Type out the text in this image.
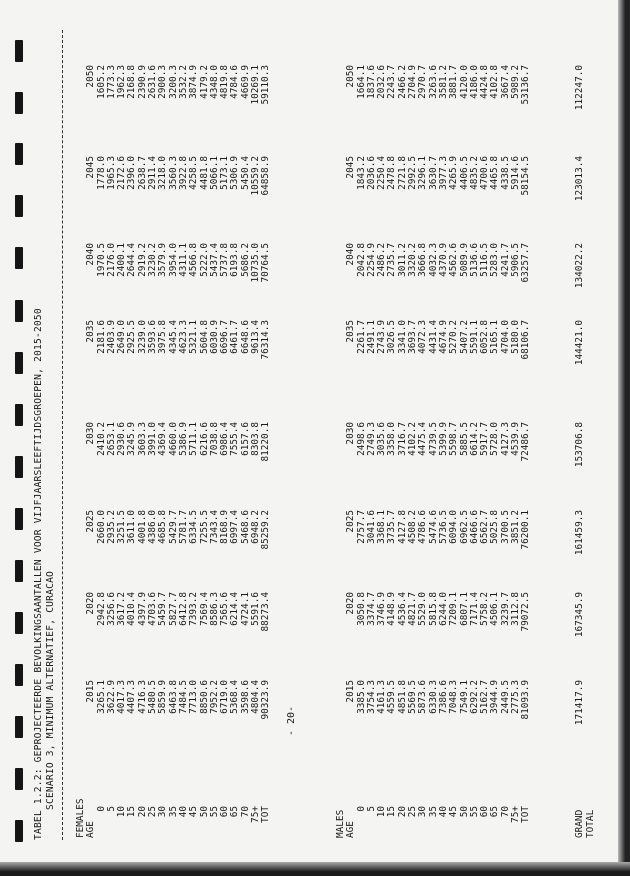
TABEL 1.2.2: GEPROJECTEERDE BEVOLKINGSAANTALLEN VOOR VIJFJAARSLEEFTIJDSGROEPEN, 2015-2050 SCENARIO 3, MINIMUM ALTERNATIEF, CURACAO
FEMALES AGE
2015
2020
2025
2030
2035
2040
2045
2050
0
3265.1
2942.8
2660.0
2410.2
2181.6
1970.5
1778.0
1605.2
5
3622.9
3256.6
2935.2
2653.1
2403.9
2176.0
1965.3
1773.3
10
4017.3
3617.2
3251.5
2930.6
2649.0
2400.1
2172.6
1962.3
15
4407.3
4010.4
3611.0
3245.9
2925.5
2644.4
2396.0
2168.8
20
4716.3
4397.9
4001.8
3603.3
3239.0
2919.2
2638.7
2390.9
25
5480.5
4703.6
4386.0
3991.0
3593.6
3230.2
2911.4
2631.6
30
5859.9
5459.7
4685.8
4369.4
3975.8
3579.9
3218.0
2900.3
35
6463.8
5827.7
5429.7
4660.0
4345.4
3954.0
3560.3
3200.3
40
7484.5
6412.8
5781.7
5386.9
4623.3
4311.1
3922.8
3532.2
45
7713.0
7393.2
6334.5
5711.1
5321.1
4566.8
4258.5
3874.9
50
8850.6
7569.4
7255.5
6216.6
5604.8
5222.0
4481.8
4179.2
55
7952.2
8586.3
7343.4
7038.8
6030.9
5437.4
5066.1
4348.0
60
6719.0
7565.6
8168.9
6986.4
6696.7
5737.8
5173.1
4819.8
65
5368.4
6214.4
6997.4
7555.4
6461.7
6193.8
5306.9
4784.6
70
3598.6
4724.1
5468.6
6157.6
6648.6
5686.2
5450.4
4669.9
75+
4804.4
5591.6
6948.2
8303.8
9613.4
10735.0
10559.2
10269.1
TOT
90323.9
88273.4
85259.2
81220.1
76314.3
70764.5
64858.9
59110.3
MALES AGE
2015
2020
2025
2030
2035
2040
2045
2050
0
3385.0
3050.8
2757.7
2498.6
2261.7
2042.8
1843.2
1664.1
5
3754.3
3374.7
3041.6
2749.3
2491.1
2254.9
2036.6
1837.6
10
4161.3
3746.9
3368.1
3035.6
2743.9
2486.2
2250.4
2032.6
15
4559.5
4148.9
3735.7
3358.0
3026.5
2735.7
2478.8
2243.7
20
4851.8
4536.4
4127.8
3716.7
3341.0
3011.2
2721.8
2466.2
25
5569.5
4821.7
4508.2
4102.2
3693.7
3320.2
2992.5
2704.9
30
5873.6
5529.0
4786.6
4475.4
4072.3
3666.8
3296.1
2970.7
35
6330.3
5815.8
5474.6
4739.5
4431.4
4032.3
3630.7
3263.6
40
7386.6
6244.0
5736.5
5399.9
4674.9
4370.9
3977.3
3581.2
45
7048.3
7209.1
6094.0
5598.7
5270.2
4562.6
4265.9
3881.7
50
7549.1
6807.1
6962.5
5885.5
5407.2
5089.9
4406.5
4120.0
55
6292.2
7171.4
6466.6
6614.2
5591.1
5136.6
4835.2
4186.0
60
5162.7
5758.2
6562.7
5917.7
6052.8
5116.5
4700.6
4424.8
65
3944.9
4506.1
5025.8
5728.0
5165.1
5283.0
4465.8
4102.8
70
2449.5
3239.7
3700.5
4127.3
4704.0
4241.7
4338.5
3667.4
75+
2775.3
3112.8
3851.2
4539.9
5180.0
5906.5
5914.6
5989.2
TOT
81093.9
79072.5
76200.1
72486.7
68106.7
63257.7
58154.5
53136.7
GRAND TOTAL
171417.9
167345.9
161459.3
153706.8
144421.0
134022.2
123013.4
112247.0
- 20-
